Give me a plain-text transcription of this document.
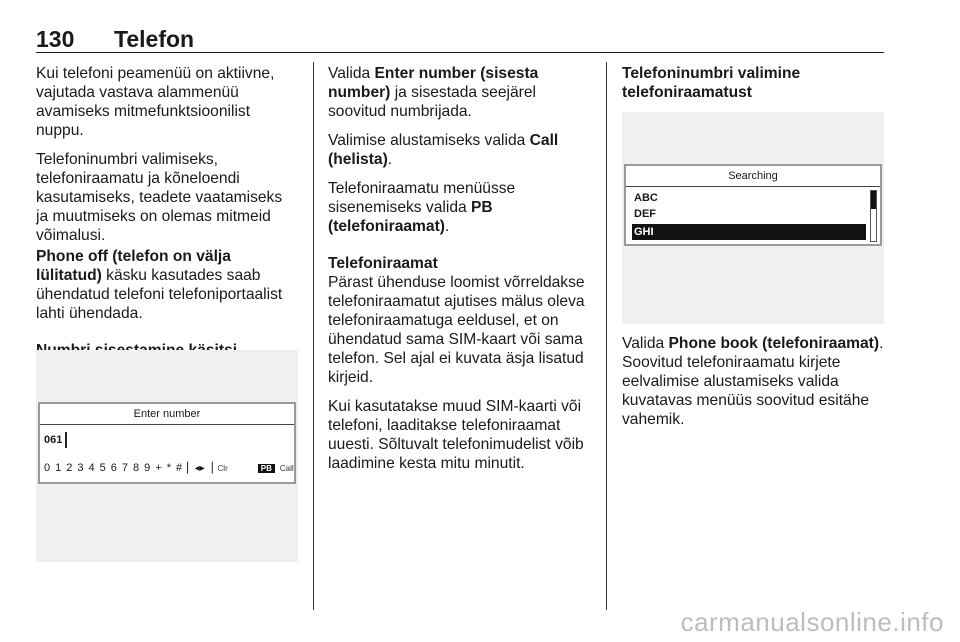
130 Telefon

Kui telefoni peamenüü on aktiivne, vajutada vastava alammenüü avamiseks mitmefunktsioonilist nuppu.

Telefoninumbri valimiseks, telefoniraamatu ja kõneloendi kasutamiseks, teadete vaatamiseks ja muutmiseks on olemas mitmeid võimalusi.

Phone off (telefon on välja lülitatud) käsku kasutades saab ühendatud telefoni telefoniportaalist lahti ühendada.

Enter number
061
0 1 2 3 4 5 6 7 8 9 + * # ▏◂▸▕ Clr	PB	Call

Valida Enter number (sisesta number) ja sisestada seejärel soovitud numbrijada.

Valimise alustamiseks valida Call (helista).

Telefoniraamatu menüüsse sisenemiseks valida PB (telefoniraamat).

Telefoniraamat

Pärast ühenduse loomist võrreldakse telefoniraamatut ajutises mälus oleva telefoniraamatuga eeldusel, et on ühendatud sama SIM-kaart või sama telefon. Sel ajal ei kuvata äsja lisatud kirjeid.

Kui kasutatakse muud SIM-kaarti või telefoni, laaditakse telefoniraamat uuesti. Sõltuvalt telefonimudelist võib laadimine kesta mitu minutit.

Telefoninumbri valimine telefoniraamatust

Searching
ABC
DEF
GHI

Valida Phone book (telefoniraamat). Soovitud telefoniraamatu kirjete eelvalimise alustamiseks valida kuvatavas menüüs soovitud esitähe vahemik.

carmanualsonline.info
